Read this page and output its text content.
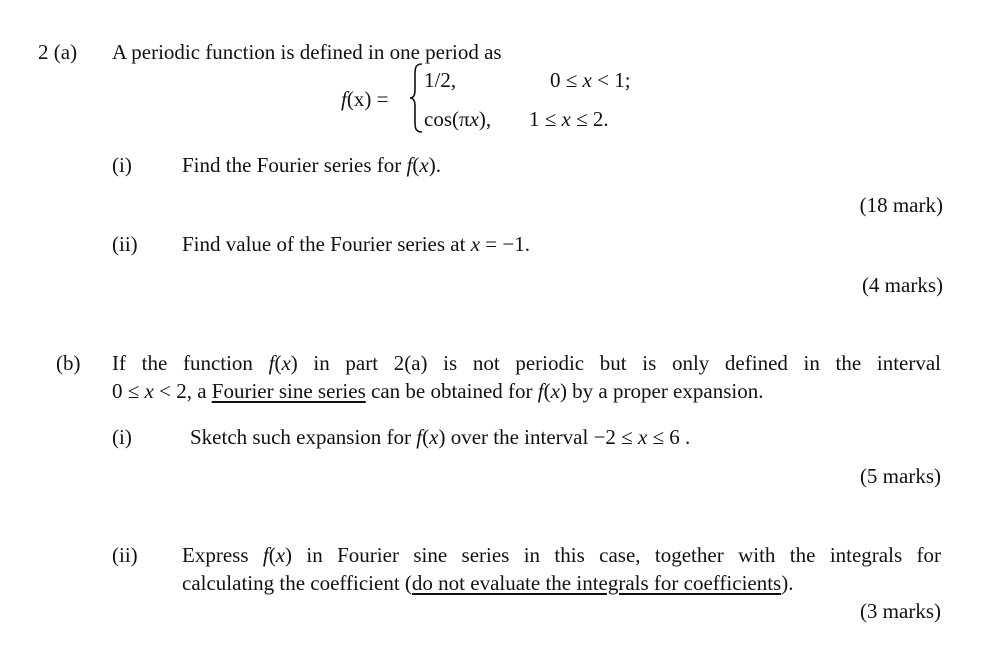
2 (a) A periodic function is defined in one period as
f(x) =
1/2,	0 ≤ x < 1;
cos(πx), 1 ≤ x ≤ 2.
(i) Find the Fourier series for f(x).
(18 mark)
(ii) Find value of the Fourier series at x = −1.
(4 marks)
(b) If the function f(x) in part 2(a) is not periodic but is only defined in the interval
0 ≤ x < 2, a Fourier sine series can be obtained for f(x) by a proper expansion.
(i)	Sketch such expansion for f(x) over the interval −2 ≤ x ≤ 6 .
(5 marks)
(ii) Express f(x) in Fourier sine series in this case, together with the integrals for
calculating the coefficient (do not evaluate the integrals for coefficients).
(3 marks)
